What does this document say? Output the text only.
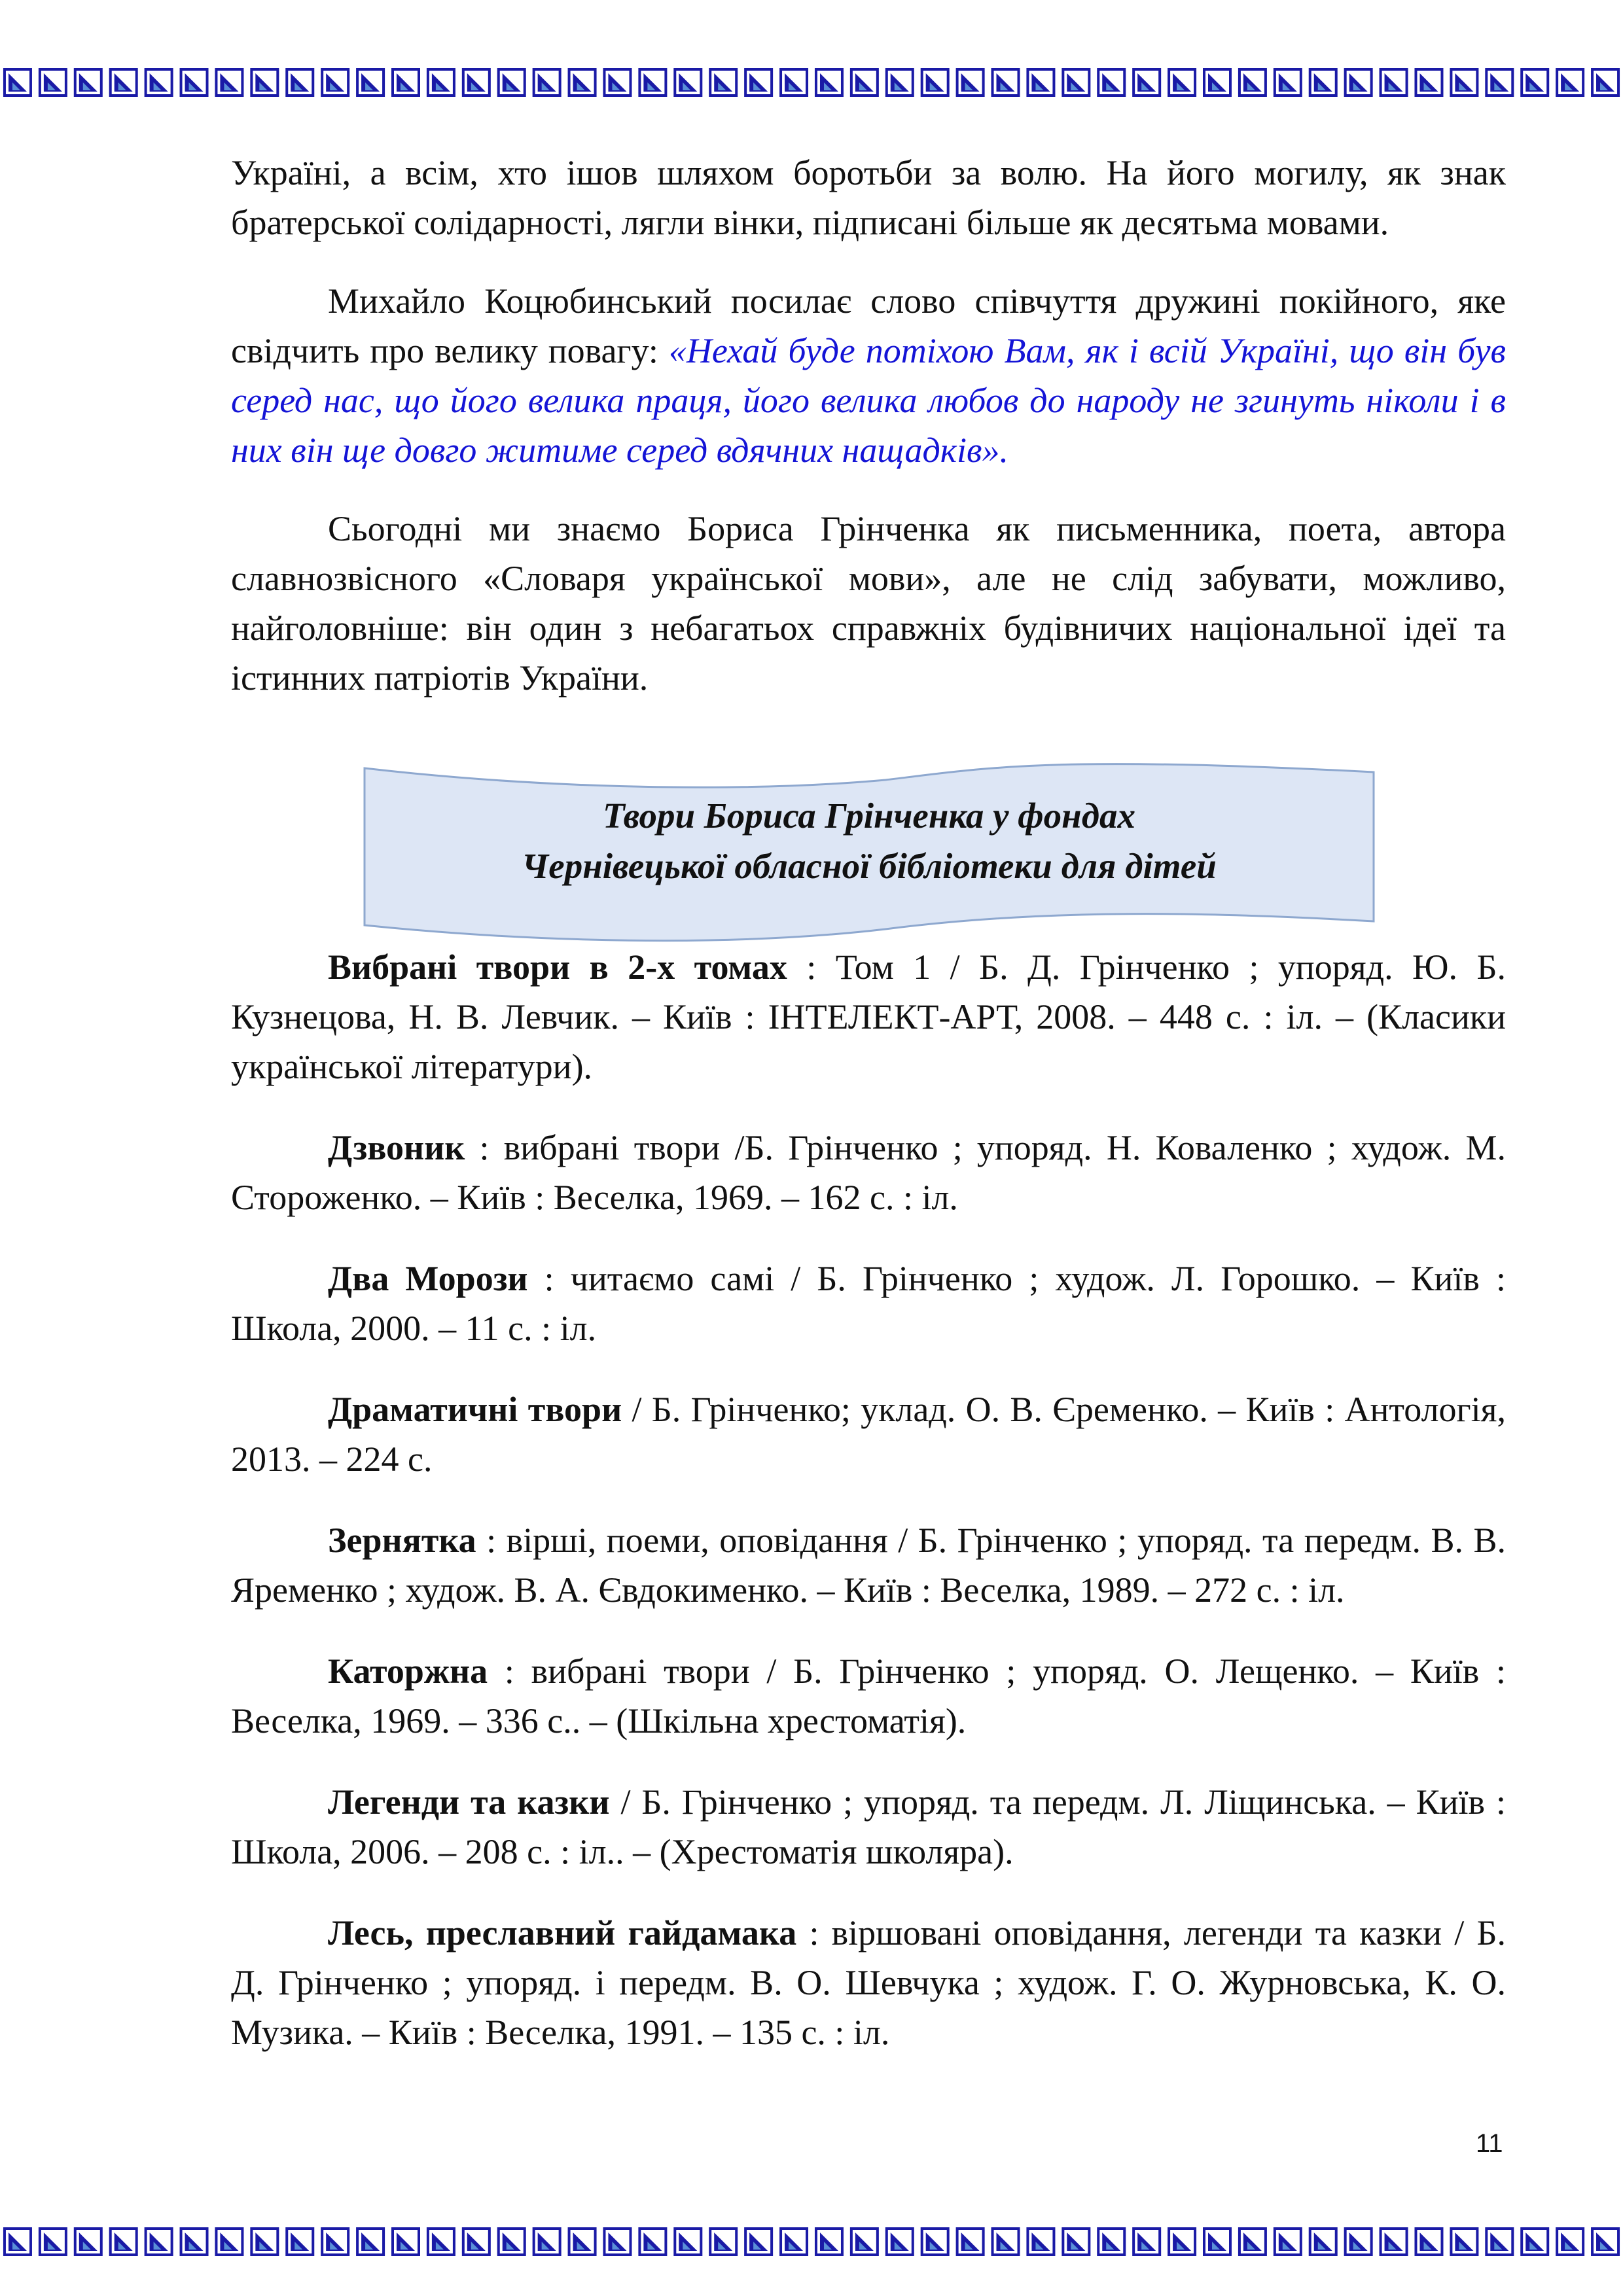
Україні, а всім, хто ішов шляхом боротьби за волю. На його могилу, як знак братерської солідарності, лягли вінки, підписані більше як десятьма мовами.

Михайло Коцюбинський посилає слово співчуття дружині покійного, яке свідчить про велику повагу: «Нехай буде потіхою Вам, як і всій Україні, що він був серед нас, що його велика праця, його велика любов до народу не згинуть ніколи і в них він ще довго житиме серед вдячних нащадків».

Сьогодні ми знаємо Бориса Грінченка як письменника, поета, автора славнозвісного «Словаря української мови», але не слід забувати, можливо, найголовніше: він один з небагатьох справжніх будівничих національної ідеї та істинних патріотів України.

Твори Бориса Грінченка у фондах
Чернівецької обласної бібліотеки для дітей

Вибрані твори в 2-х томах : Том 1 / Б. Д. Грінченко ; упоряд. Ю. Б. Кузнецова, Н. В. Левчик. – Київ : ІНТЕЛЕКТ-АРТ, 2008. – 448 с. : іл. – (Класики української літератури).

Дзвоник : вибрані твори /Б. Грінченко ; упоряд. Н. Коваленко ; худож. М. Стороженко. – Київ : Веселка, 1969. – 162 с. : іл.

Два Морози : читаємо самі / Б. Грінченко ; худож. Л. Горошко. – Київ : Школа, 2000. – 11 с. : іл.

Драматичні твори / Б. Грінченко; уклад. О. В. Єременко. – Київ : Антологія, 2013. – 224 с.

Зернятка : вірші, поеми, оповідання / Б. Грінченко ; упоряд. та передм. В. В. Яременко ; худож. В. А. Євдокименко. – Київ : Веселка, 1989. – 272 с. : іл.

Каторжна : вибрані твори / Б. Грінченко ; упоряд. О. Лещенко. – Київ : Веселка, 1969. – 336 с.. – (Шкільна хрестоматія).

Легенди та казки / Б. Грінченко ; упоряд. та передм. Л. Ліщинська. – Київ : Школа, 2006. – 208 с. : іл.. – (Хрестоматія школяра).

Лесь, преславний гайдамака : віршовані оповідання, легенди та казки / Б. Д. Грінченко ; упоряд. і передм. В. О. Шевчука ; худож. Г. О. Журновська, К. О. Музика. – Київ : Веселка, 1991. – 135 с. : іл.

11
